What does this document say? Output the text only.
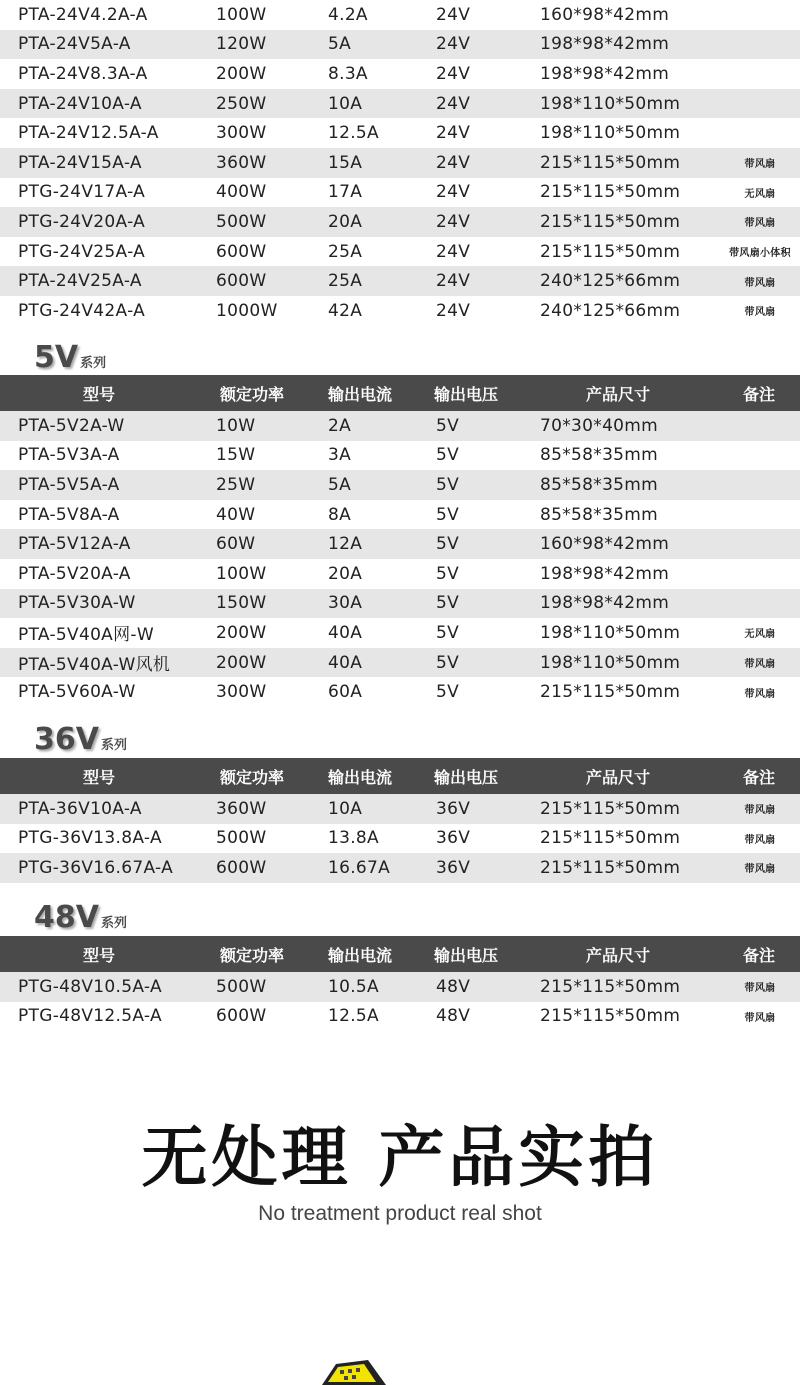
PTA-24V4.2A-A	100W	4.2A	24V	160*98*42mm
PTA-24V5A-A	120W	5A	24V	198*98*42mm
PTA-24V8.3A-A	200W	8.3A	24V	198*98*42mm
PTA-24V10A-A	250W	10A	24V	198*110*50mm
PTA-24V12.5A-A	300W	12.5A	24V	198*110*50mm
PTA-24V15A-A	360W	15A	24V	215*115*50mm	带风扇
PTG-24V17A-A	400W	17A	24V	215*115*50mm	无风扇
PTG-24V20A-A	500W	20A	24V	215*115*50mm	带风扇
PTG-24V25A-A	600W	25A	24V	215*115*50mm	带风扇小体积
PTA-24V25A-A	600W	25A	24V	240*125*66mm	带风扇
PTG-24V42A-A	1000W	42A	24V	240*125*66mm	带风扇
5V 系列
型号	额定功率	输出电流	输出电压	产品尺寸	备注
PTA-5V2A-W	10W	2A	5V	70*30*40mm
PTA-5V3A-A	15W	3A	5V	85*58*35mm
PTA-5V5A-A	25W	5A	5V	85*58*35mm
PTA-5V8A-A	40W	8A	5V	85*58*35mm
PTA-5V12A-A	60W	12A	5V	160*98*42mm
PTA-5V20A-A	100W	20A	5V	198*98*42mm
PTA-5V30A-W	150W	30A	5V	198*98*42mm
PTA-5V40A网-W	200W	40A	5V	198*110*50mm	无风扇
PTA-5V40A-W风机	200W	40A	5V	198*110*50mm	带风扇
PTA-5V60A-W	300W	60A	5V	215*115*50mm	带风扇
36V 系列
型号	额定功率	输出电流	输出电压	产品尺寸	备注
PTA-36V10A-A	360W	10A	36V	215*115*50mm	带风扇
PTG-36V13.8A-A	500W	13.8A	36V	215*115*50mm	带风扇
PTG-36V16.67A-A	600W	16.67A	36V	215*115*50mm	带风扇
48V 系列
型号	额定功率	输出电流	输出电压	产品尺寸	备注
PTG-48V10.5A-A	500W	10.5A	48V	215*115*50mm	带风扇
PTG-48V12.5A-A	600W	12.5A	48V	215*115*50mm	带风扇
无处理 产品实拍
No treatment product real shot
